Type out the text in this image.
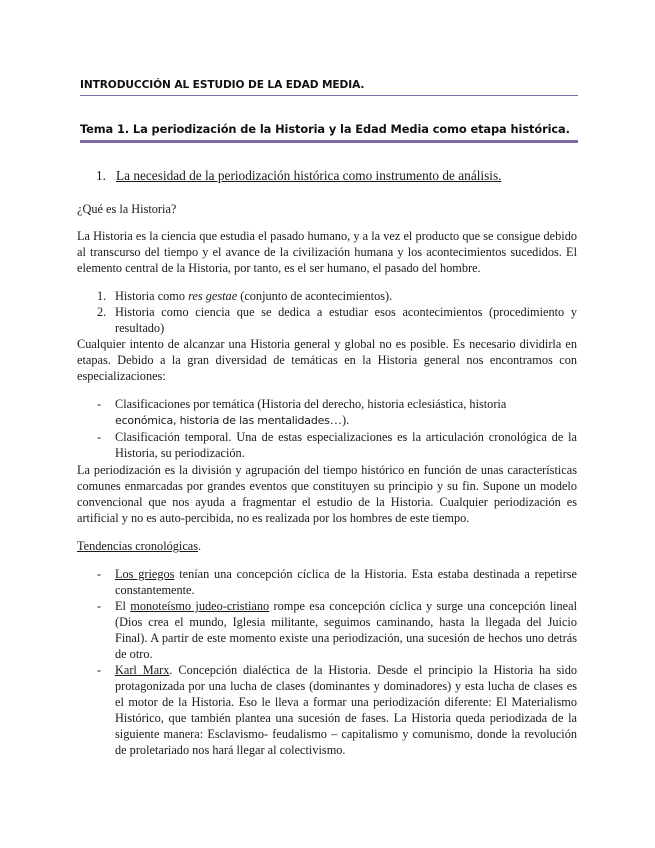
INTRODUCCIÓN AL ESTUDIO DE LA EDAD MEDIA.
Tema 1. La periodización de la Historia y la Edad Media como etapa histórica.
1. La necesidad de la periodización histórica como instrumento de análisis.
¿Qué es la Historia?
La Historia es la ciencia que estudia el pasado humano, y a la vez el producto que se consigue debido al transcurso del tiempo y el avance de la civilización humana y los acontecimientos sucedidos. El elemento central de la Historia, por tanto, es el ser humano, el pasado del hombre.
1. Historia como res gestae (conjunto de acontecimientos).
2. Historia como ciencia que se dedica a estudiar esos acontecimientos (procedimiento y resultado)
Cualquier intento de alcanzar una Historia general y global no es posible. Es necesario dividirla en etapas. Debido a la gran diversidad de temáticas en la Historia general nos encontramos con especializaciones:
- Clasificaciones por temática (Historia del derecho, historia eclesiástica, historia
económica, historia de las mentalidades…).
- Clasificación temporal. Una de estas especializaciones es la articulación cronológica de la Historia, su periodización.
La periodización es la división y agrupación del tiempo histórico en función de unas características comunes enmarcadas por grandes eventos que constituyen su principio y su fin. Supone un modelo convencional que nos ayuda a fragmentar el estudio de la Historia. Cualquier periodización es artificial y no es auto-percibida, no es realizada por los hombres de este tiempo.
Tendencias cronológicas.
- Los griegos tenían una concepción cíclica de la Historia. Esta estaba destinada a repetirse constantemente.
- El monoteísmo judeo-cristiano rompe esa concepción cíclica y surge una concepción lineal (Dios crea el mundo, Iglesia militante, seguimos caminando, hasta la llegada del Juicio Final). A partir de este momento existe una periodización, una sucesión de hechos uno detrás de otro.
- Karl Marx. Concepción dialéctica de la Historia. Desde el principio la Historia ha sido protagonizada por una lucha de clases (dominantes y dominadores) y esta lucha de clases es el motor de la Historia. Eso le lleva a formar una periodización diferente: El Materialismo Histórico, que también plantea una sucesión de fases. La Historia queda periodizada de la siguiente manera: Esclavismo- feudalismo – capitalismo y comunismo, donde la revolución de proletariado nos hará llegar al colectivismo.
